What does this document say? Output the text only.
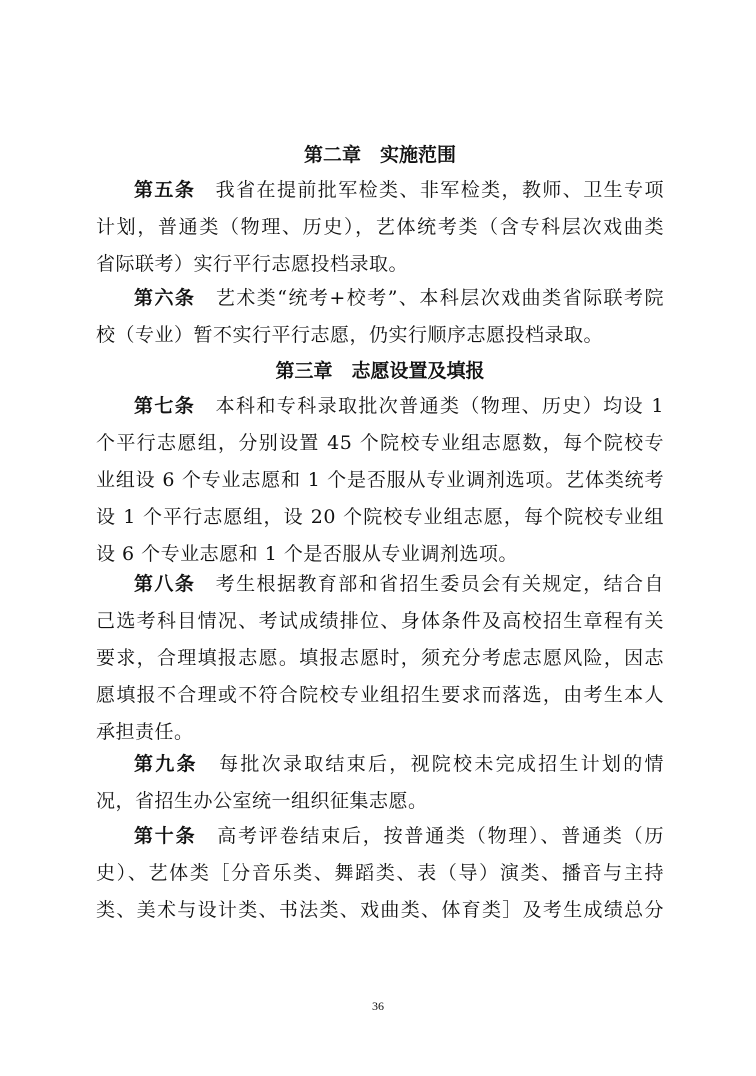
第二章　实施范围
第五条　我省在提前批军检类、非军检类，教师、卫生专项
计划，普通类（物理、历史），艺体统考类（含专科层次戏曲类
省际联考）实行平行志愿投档录取。
第六条　艺术类“统考+校考”、本科层次戏曲类省际联考院
校（专业）暂不实行平行志愿，仍实行顺序志愿投档录取。
第三章　志愿设置及填报
第七条　本科和专科录取批次普通类（物理、历史）均设 1
个平行志愿组，分别设置 45 个院校专业组志愿数，每个院校专
业组设 6 个专业志愿和 1 个是否服从专业调剂选项。艺体类统考
设 1 个平行志愿组，设 20 个院校专业组志愿，每个院校专业组
设 6 个专业志愿和 1 个是否服从专业调剂选项。
第八条　考生根据教育部和省招生委员会有关规定，结合自
己选考科目情况、考试成绩排位、身体条件及高校招生章程有关
要求，合理填报志愿。填报志愿时，须充分考虑志愿风险，因志
愿填报不合理或不符合院校专业组招生要求而落选，由考生本人
承担责任。
第九条　每批次录取结束后，视院校未完成招生计划的情
况，省招生办公室统一组织征集志愿。
第十条　高考评卷结束后，按普通类（物理）、普通类（历
史）、艺体类［分音乐类、舞蹈类、表（导）演类、播音与主持
类、美术与设计类、书法类、戏曲类、体育类］及考生成绩总分
36
